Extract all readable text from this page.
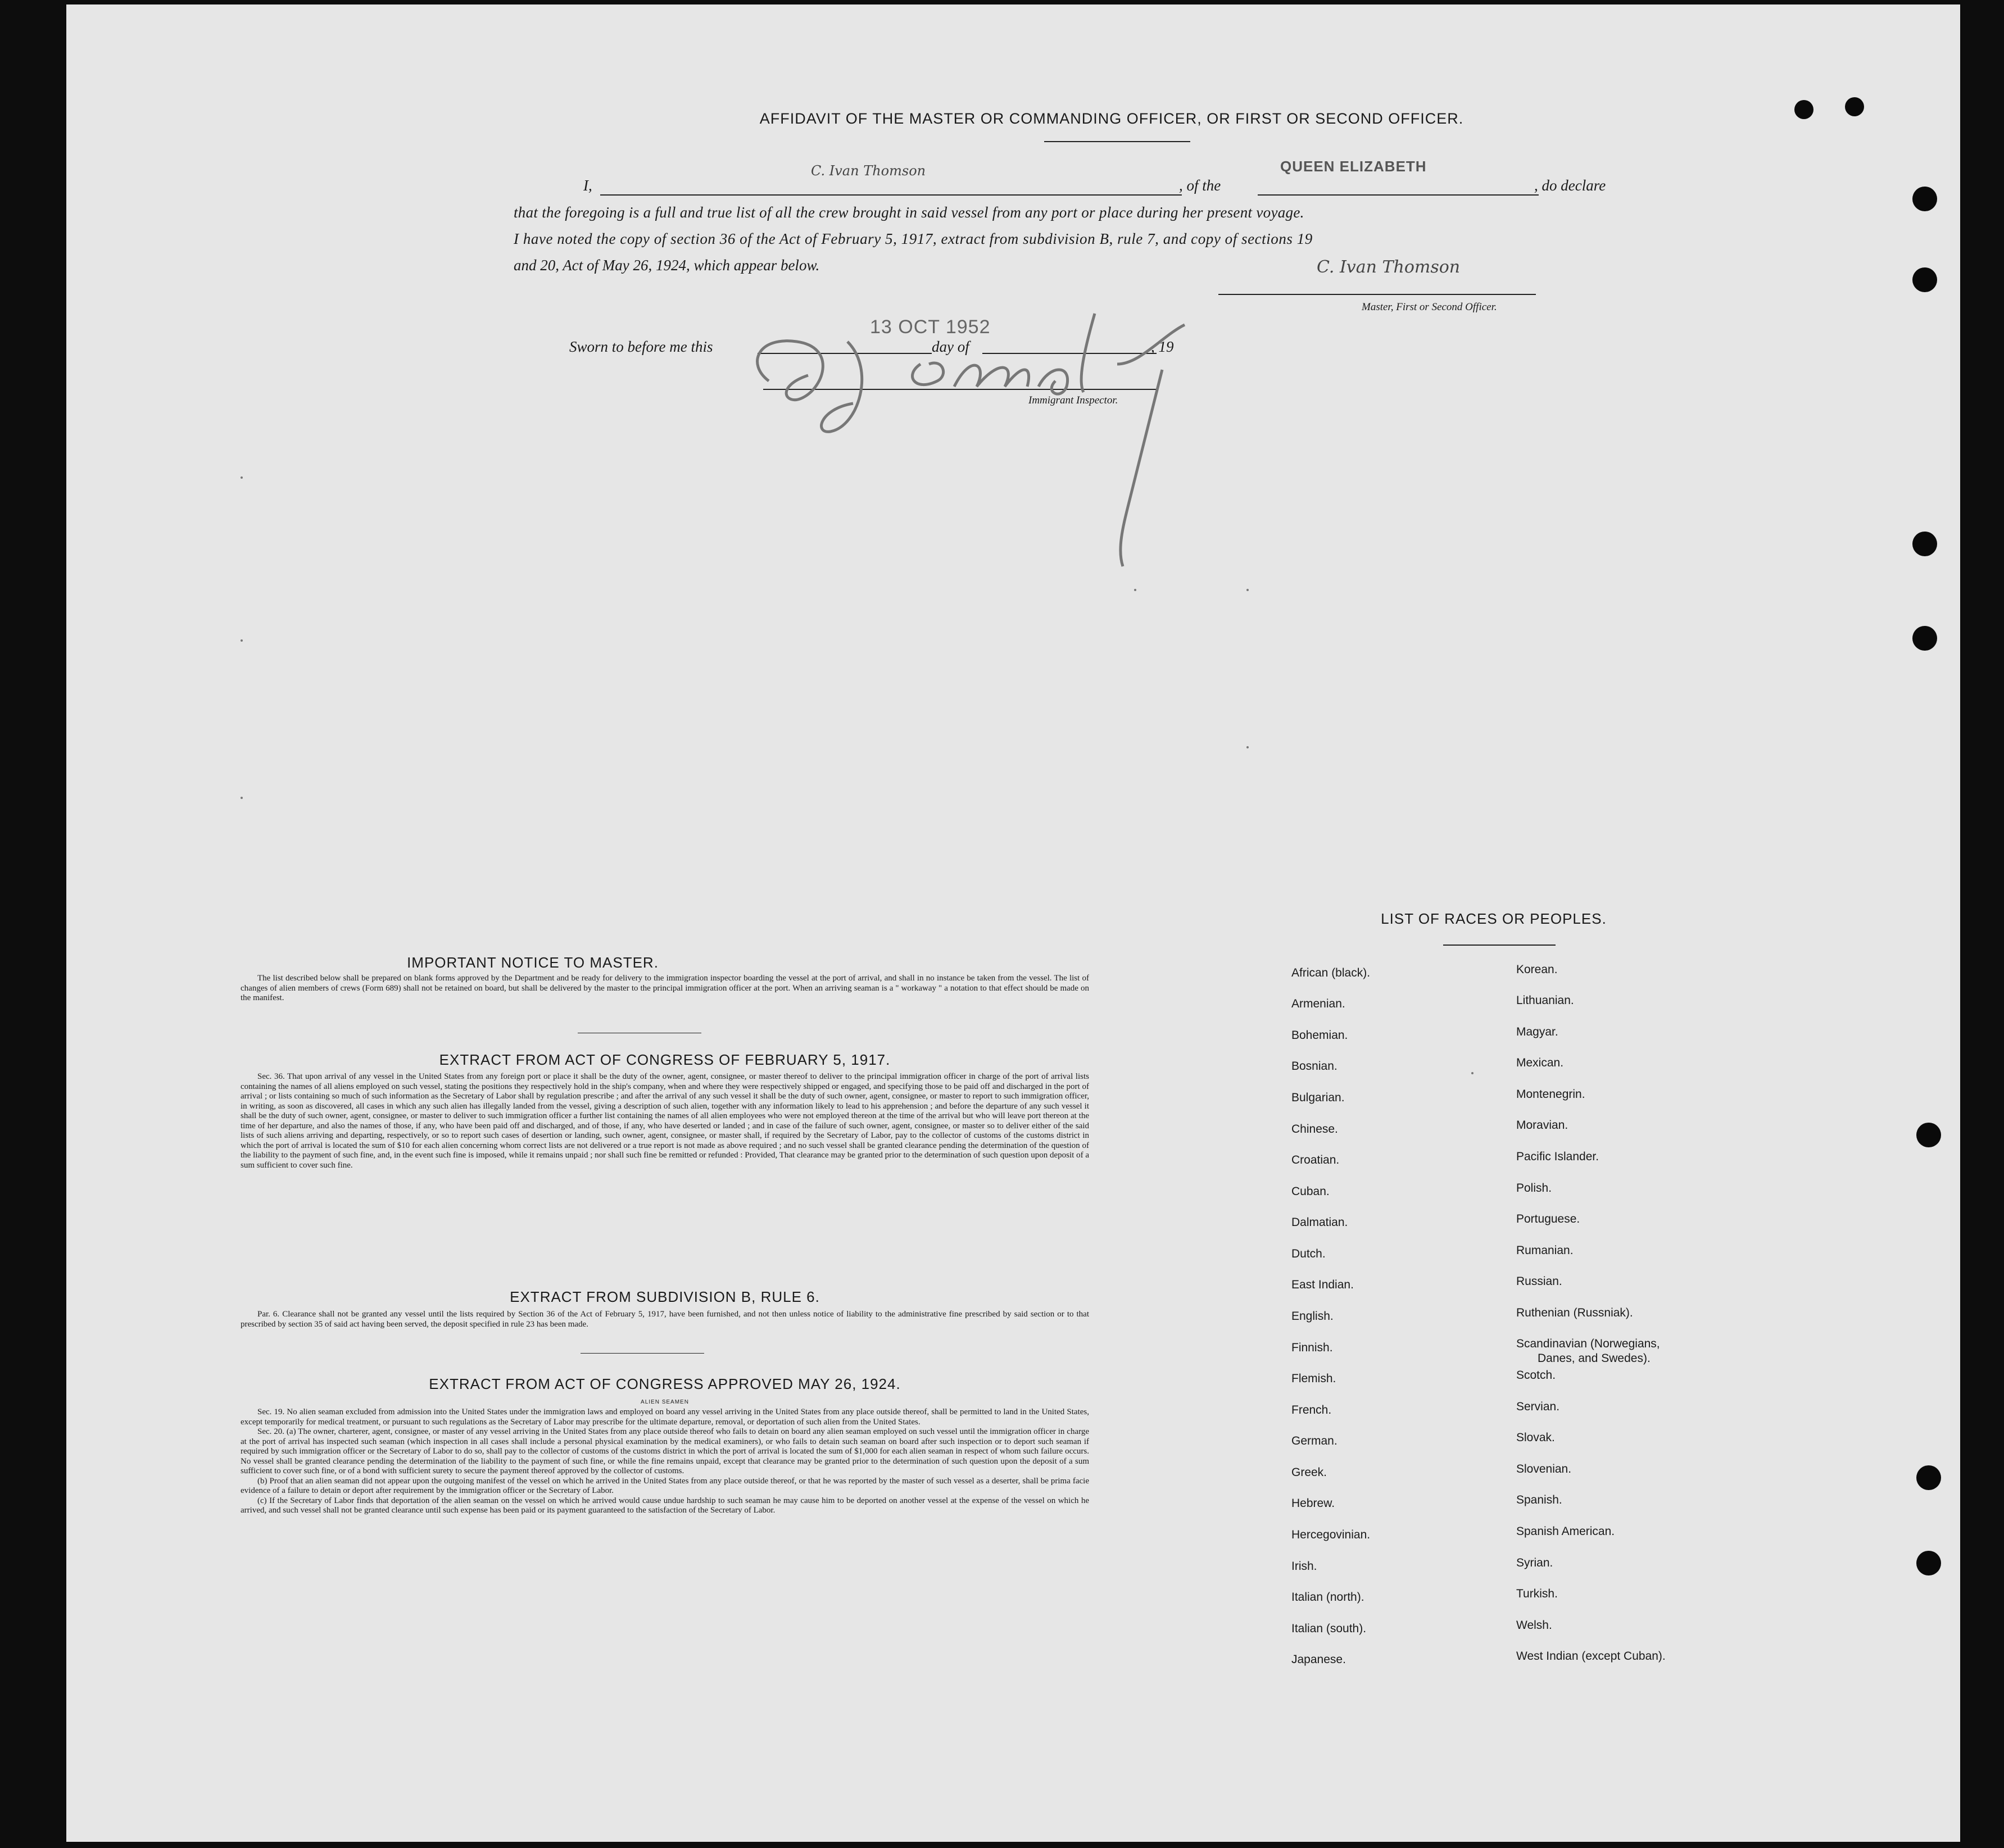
AFFIDAVIT OF THE MASTER OR COMMANDING OFFICER, OR FIRST OR SECOND OFFICER.
I,
C. Ivan Thomson
, of the
QUEEN ELIZABETH
, do declare
that the foregoing is a full and true list of all the crew brought in said vessel from any port or place during her present voyage.
I have noted the copy of section 36 of the Act of February 5, 1917, extract from subdivision B, rule 7, and copy of sections 19
and 20, Act of May 26, 1924, which appear below.	C. Ivan Thomson
Master, First or Second Officer.
Sworn to before me this
13 OCT 1952
day of	, 19
Immigrant Inspector.
IMPORTANT NOTICE TO MASTER.

The list described below shall be prepared on blank forms approved by the Department and be ready for delivery to the immigration inspector boarding the vessel at the port of arrival, and shall in no instance be taken from the vessel. The list of changes of alien members of crews (Form 689) shall not be retained on board, but shall be delivered by the master to the principal immigration officer at the port. When an arriving seaman is a " workaway " a notation to that effect should be made on the manifest.

EXTRACT FROM ACT OF CONGRESS OF FEBRUARY 5, 1917.

Sec. 36. That upon arrival of any vessel in the United States from any foreign port or place it shall be the duty of the owner, agent, consignee, or master thereof to deliver to the principal immigration officer in charge of the port of arrival lists containing the names of all aliens employed on such vessel, stating the positions they respectively hold in the ship's company, when and where they were respectively shipped or engaged, and specifying those to be paid off and discharged in the port of arrival ; or lists containing so much of such information as the Secretary of Labor shall by regulation prescribe ; and after the arrival of any such vessel it shall be the duty of such owner, agent, consignee, or master to report to such immigration officer, in writing, as soon as discovered, all cases in which any such alien has illegally landed from the vessel, giving a description of such alien, together with any information likely to lead to his apprehension ; and before the departure of any such vessel it shall be the duty of such owner, agent, consignee, or master to deliver to such immigration officer a further list containing the names of all alien employees who were not employed thereon at the time of the arrival but who will leave port thereon at the time of her departure, and also the names of those, if any, who have been paid off and discharged, and of those, if any, who have deserted or landed ; and in case of the failure of such owner, agent, consignee, or master so to deliver either of the said lists of such aliens arriving and departing, respectively, or so to report such cases of desertion or landing, such owner, agent, consignee, or master shall, if required by the Secretary of Labor, pay to the collector of customs of the customs district in which the port of arrival is located the sum of $10 for each alien concerning whom correct lists are not delivered or a true report is not made as above required ; and no such vessel shall be granted clearance pending the determination of the question of the liability to the payment of such fine, and, in the event such fine is imposed, while it remains unpaid ; nor shall such fine be remitted or refunded : Provided, That clearance may be granted prior to the determination of such question upon deposit of a sum sufficient to cover such fine.

EXTRACT FROM SUBDIVISION B, RULE 6.

Par. 6. Clearance shall not be granted any vessel until the lists required by Section 36 of the Act of February 5, 1917, have been furnished, and not then unless notice of liability to the administrative fine prescribed by said section or to that prescribed by section 35 of said act having been served, the deposit specified in rule 23 has been made.

EXTRACT FROM ACT OF CONGRESS APPROVED MAY 26, 1924.
ALIEN SEAMEN

Sec. 19. No alien seaman excluded from admission into the United States under the immigration laws and employed on board any vessel arriving in the United States from any place outside thereof, shall be permitted to land in the United States, except temporarily for medical treatment, or pursuant to such regulations as the Secretary of Labor may prescribe for the ultimate departure, removal, or deportation of such alien from the United States.

Sec. 20. (a) The owner, charterer, agent, consignee, or master of any vessel arriving in the United States from any place outside thereof who fails to detain on board any alien seaman employed on such vessel until the immigration officer in charge at the port of arrival has inspected such seaman (which inspection in all cases shall include a personal physical examination by the medical examiners), or who fails to detain such seaman on board after such inspection or to deport such seaman if required by such immigration officer or the Secretary of Labor to do so, shall pay to the collector of customs of the customs district in which the port of arrival is located the sum of $1,000 for each alien seaman in respect of whom such failure occurs. No vessel shall be granted clearance pending the determination of the liability to the payment of such fine, or while the fine remains unpaid, except that clearance may be granted prior to the determination of such question upon the deposit of a sum sufficient to cover such fine, or of a bond with sufficient surety to secure the payment thereof approved by the collector of customs.

(b) Proof that an alien seaman did not appear upon the outgoing manifest of the vessel on which he arrived in the United States from any place outside thereof, or that he was reported by the master of such vessel as a deserter, shall be prima facie evidence of a failure to detain or deport after requirement by the immigration officer or the Secretary of Labor.

(c) If the Secretary of Labor finds that deportation of the alien seaman on the vessel on which he arrived would cause undue hardship to such seaman he may cause him to be deported on another vessel at the expense of the vessel on which he arrived, and such vessel shall not be granted clearance until such expense has been paid or its payment guaranteed to the satisfaction of the Secretary of Labor.

LIST OF RACES OR PEOPLES.
African (black).
Armenian.
Bohemian.
Bosnian.
Bulgarian.
Chinese.
Croatian.
Cuban.
Dalmatian.
Dutch.
East Indian.
English.
Finnish.
Flemish.
French.
German.
Greek.
Hebrew.
Hercegovinian.
Irish.
Italian (north).
Italian (south).
Japanese.
Korean.
Lithuanian.
Magyar.
Mexican.
Montenegrin.
Moravian.
Pacific Islander.
Polish.
Portuguese.
Rumanian.
Russian.
Ruthenian (Russniak).
Scandinavian (Norwegians,
Danes, and Swedes).
Scotch.
Servian.
Slovak.
Slovenian.
Spanish.
Spanish American.
Syrian.
Turkish.
Welsh.
West Indian (except Cuban).
